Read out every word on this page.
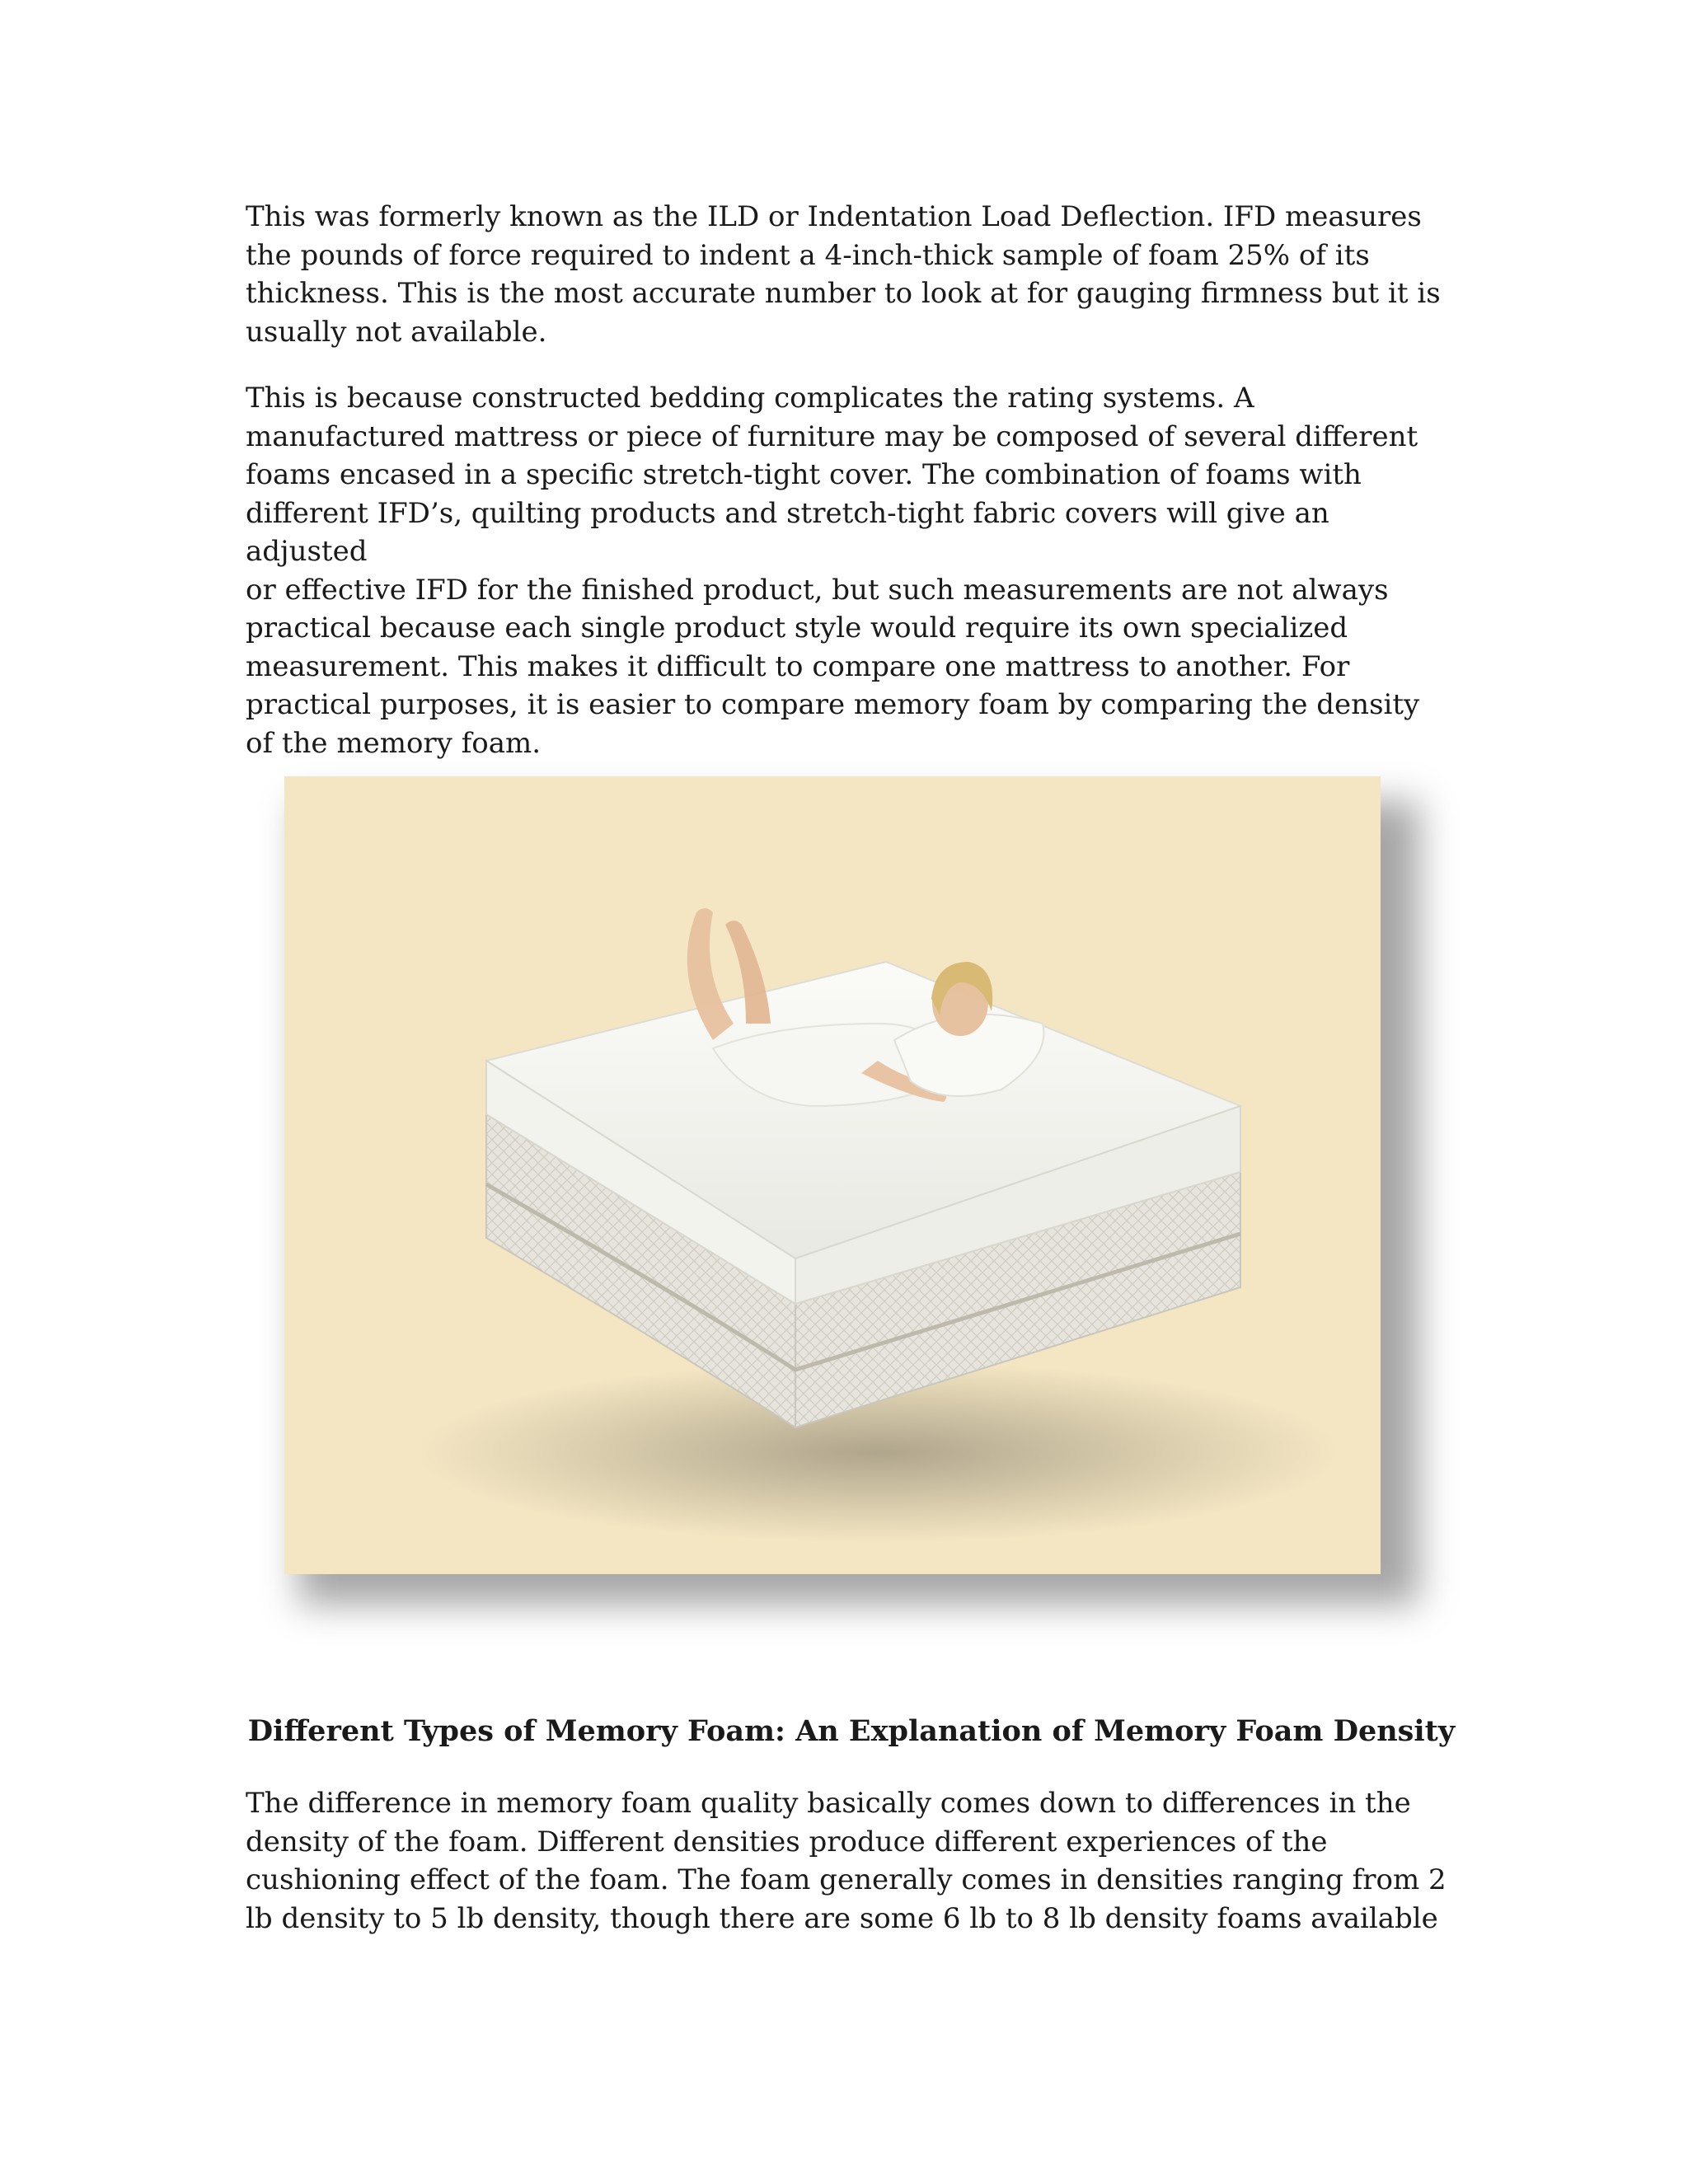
This was formerly known as the ILD or Indentation Load Deflection. IFD measures
the pounds of force required to indent a 4-inch-thick sample of foam 25% of its
thickness. This is the most accurate number to look at for gauging firmness but it is
usually not available.

This is because constructed bedding complicates the rating systems. A
manufactured mattress or piece of furniture may be composed of several different
foams encased in a specific stretch-tight cover. The combination of foams with
different IFD’s, quilting products and stretch-tight fabric covers will give an adjusted
or effective IFD for the finished product, but such measurements are not always
practical because each single product style would require its own specialized
measurement. This makes it difficult to compare one mattress to another. For
practical purposes, it is easier to compare memory foam by comparing the density
of the memory foam.

Different Types of Memory Foam: An Explanation of Memory Foam Density

The difference in memory foam quality basically comes down to differences in the
density of the foam. Different densities produce different experiences of the
cushioning effect of the foam. The foam generally comes in densities ranging from 2
lb density to 5 lb density, though there are some 6 lb to 8 lb density foams available
